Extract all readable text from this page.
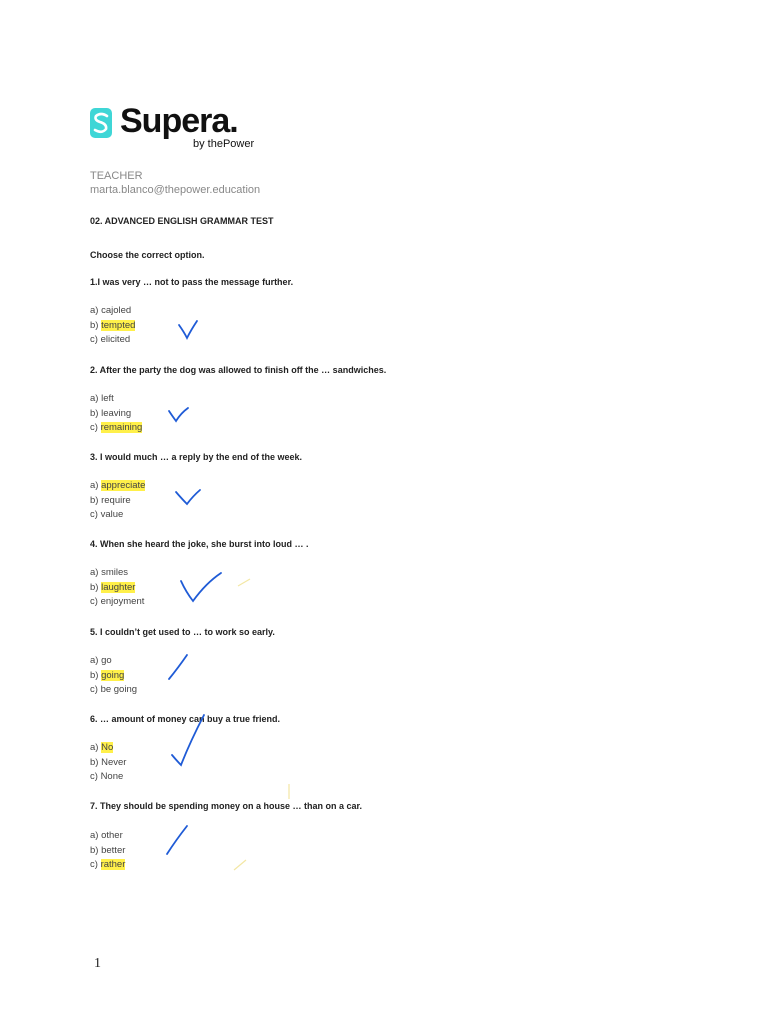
Supera.
by thePower
TEACHER
marta.blanco@thepower.education
02. ADVANCED ENGLISH GRAMMAR TEST
Choose the correct option.
1.I was very … not to pass the message further.
a) cajoled
b) tempted
c) elicited
2. After the party the dog was allowed to finish off the … sandwiches.
a) left
b) leaving
c) remaining
3. I would much … a reply by the end of the week.
a) appreciate
b) require
c) value
4. When she heard the joke, she burst into loud … .
a) smiles
b) laughter
c) enjoyment
5. I couldn’t get used to … to work so early.
a) go
b) going
c) be going
6. … amount of money can buy a true friend.
a) No
b) Never
c) None
7. They should be spending money on a house … than on a car.
a) other
b) better
c) rather
1
